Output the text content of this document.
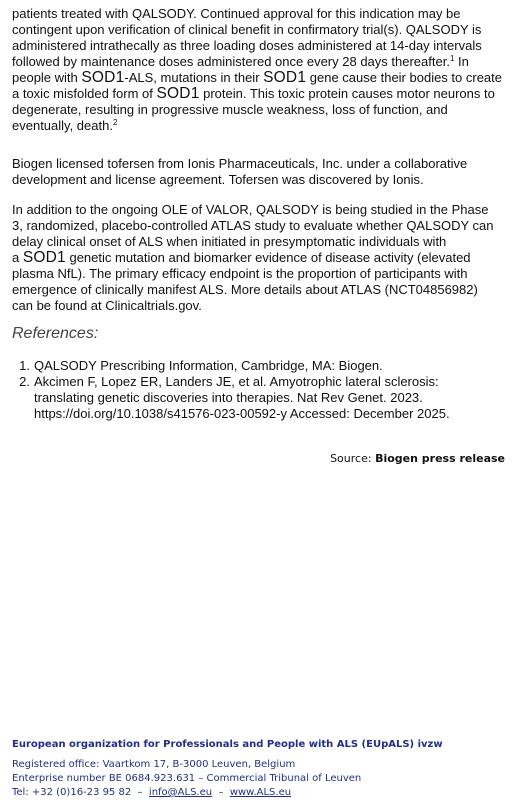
patients treated with QALSODY. Continued approval for this indication may be
contingent upon verification of clinical benefit in confirmatory trial(s). QALSODY is
administered intrathecally as three loading doses administered at 14-day intervals
followed by maintenance doses administered once every 28 days thereafter.$^1$ In
people with SOD1-ALS, mutations in their SOD1 gene cause their bodies to create
a toxic misfolded form of SOD1 protein. This toxic protein causes motor neurons to
degenerate, resulting in progressive muscle weakness, loss of function, and
eventually, death.$^2$
Biogen licensed tofersen from Ionis Pharmaceuticals, Inc. under a collaborative
development and license agreement. Tofersen was discovered by Ionis.
In addition to the ongoing OLE of VALOR, QALSODY is being studied in the Phase
3, randomized, placebo-controlled ATLAS study to evaluate whether QALSODY can
delay clinical onset of ALS when initiated in presymptomatic individuals with
a SOD1 genetic mutation and biomarker evidence of disease activity (elevated
plasma NfL). The primary efficacy endpoint is the proportion of participants with
emergence of clinically manifest ALS. More details about ATLAS (NCT04856982)
can be found at Clinicaltrials.gov.
References:
1. QALSODY Prescribing Information, Cambridge, MA: Biogen.
2. Akcimen F, Lopez ER, Landers JE, et al. Amyotrophic lateral sclerosis:
translating genetic discoveries into therapies. Nat Rev Genet. 2023.
https://doi.org/10.1038/s41576-023-00592-y Accessed: December 2025.
Source: Biogen press release
European organization for Professionals and People with ALS (EUpALS) ivzw
Registered office: Vaartkom 17, B-3000 Leuven, Belgium
Enterprise number BE 0684.923.631 – Commercial Tribunal of Leuven
Tel: +32 (0)16-23 95 82  –  info@ALS.eu  –  www.ALS.eu
